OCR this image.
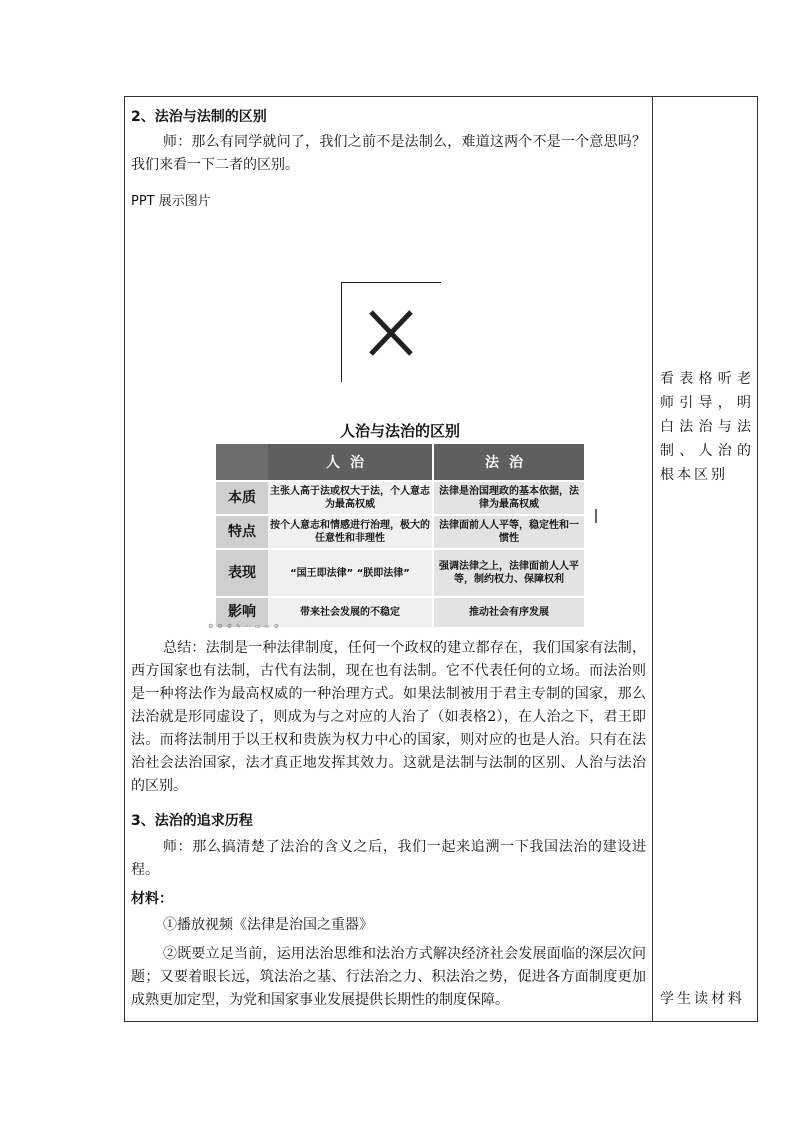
2、法治与法制的区别
师：那么有同学就问了，我们之前不是法制么，难道这两个不是一个意思吗？我们来看一下二者的区别。
PPT 展示图片
人治与法治的区别
	人治	法治
本质	主张人高于法或权大于法，个人意志为最高权威	法律是治国理政的基本依据，法律为最高权威
特点	按个人意志和情感进行治理，极大的任意性和非理性	法律面前人人平等，稳定性和一惯性
表现	“国王即法律” “朕即法律”	强调法律之上，法律面前人人平等，制约权力、保障权利
影响	带来社会发展的不稳定	推动社会有序发展
⚙ ⚙ ⚙ ✎ ⋯ ▭ ▭ ⊘
总结：法制是一种法律制度，任何一个政权的建立都存在，我们国家有法制，西方国家也有法制，古代有法制，现在也有法制。它不代表任何的立场。而法治则是一种将法作为最高权威的一种治理方式。如果法制被用于君主专制的国家，那么法治就是形同虚设了，则成为与之对应的人治了（如表格2），在人治之下，君王即法。而将法制用于以王权和贵族为权力中心的国家，则对应的也是人治。只有在法治社会法治国家，法才真正地发挥其效力。这就是法制与法制的区别、人治与法治的区别。
3、法治的追求历程
师：那么搞清楚了法治的含义之后，我们一起来追溯一下我国法治的建设进程。
材料：
①播放视频《法律是治国之重器》
②既要立足当前，运用法治思维和法治方式解决经济社会发展面临的深层次问题；又要着眼长远，筑法治之基、行法治之力、积法治之势，促进各方面制度更加成熟更加定型，为党和国家事业发展提供长期性的制度保障。
看表格听老师引导，明白法治与法制、人治的根本区别
学生读材料
